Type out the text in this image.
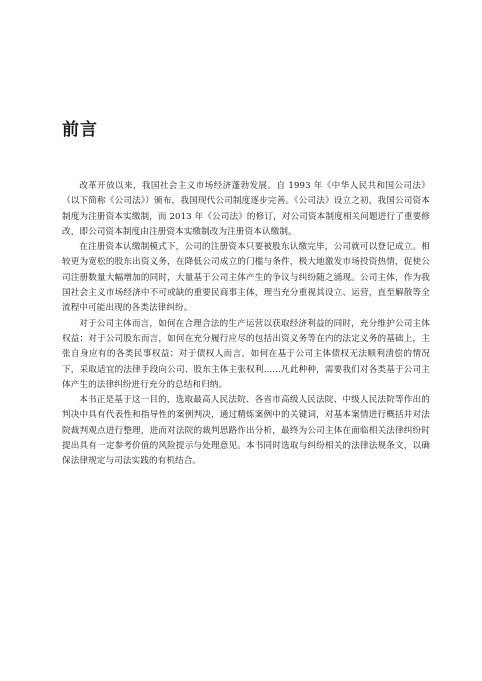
前言

改革开放以来，我国社会主义市场经济蓬勃发展。自 1993 年《中华人民共和国公司法》（以下简称《公司法》）颁布，我国现代公司制度逐步完善。《公司法》设立之初，我国公司资本制度为注册资本实缴制，而 2013 年《公司法》的修订，对公司资本制度相关问题进行了重要修改，即公司资本制度由注册资本实缴制改为注册资本认缴制。

在注册资本认缴制模式下，公司的注册资本只要被股东认缴完毕，公司就可以登记成立。相较更为宽松的股东出资义务，在降低公司成立的门槛与条件，极大地激发市场投资热情，促使公司注册数量大幅增加的同时，大量基于公司主体产生的争议与纠纷随之涌现。公司主体，作为我国社会主义市场经济中不可或缺的重要民商事主体，理当充分重视其设立、运营，直至解散等全流程中可能出现的各类法律纠纷。

对于公司主体而言，如何在合理合法的生产运营以获取经济利益的同时，充分维护公司主体权益；对于公司股东而言，如何在充分履行应尽的包括出资义务等在内的法定义务的基础上，主张自身应有的各类民事权益；对于债权人而言，如何在基于公司主体债权无法顺利清偿的情况下，采取适宜的法律手段向公司、股东主体主张权利……凡此种种，需要我们对各类基于公司主体产生的法律纠纷进行充分的总结和归纳。

本书正是基于这一目的，选取最高人民法院、各省市高级人民法院、中级人民法院等作出的判决中具有代表性和指导性的案例判决，通过精炼案例中的关键词，对基本案情进行概括并对法院裁判观点进行整理，进而对法院的裁判思路作出分析，最终为公司主体在面临相关法律纠纷时提出具有一定参考价值的风险提示与处理意见。本书同时选取与纠纷相关的法律法规条文，以确保法律规定与司法实践的有机结合。
